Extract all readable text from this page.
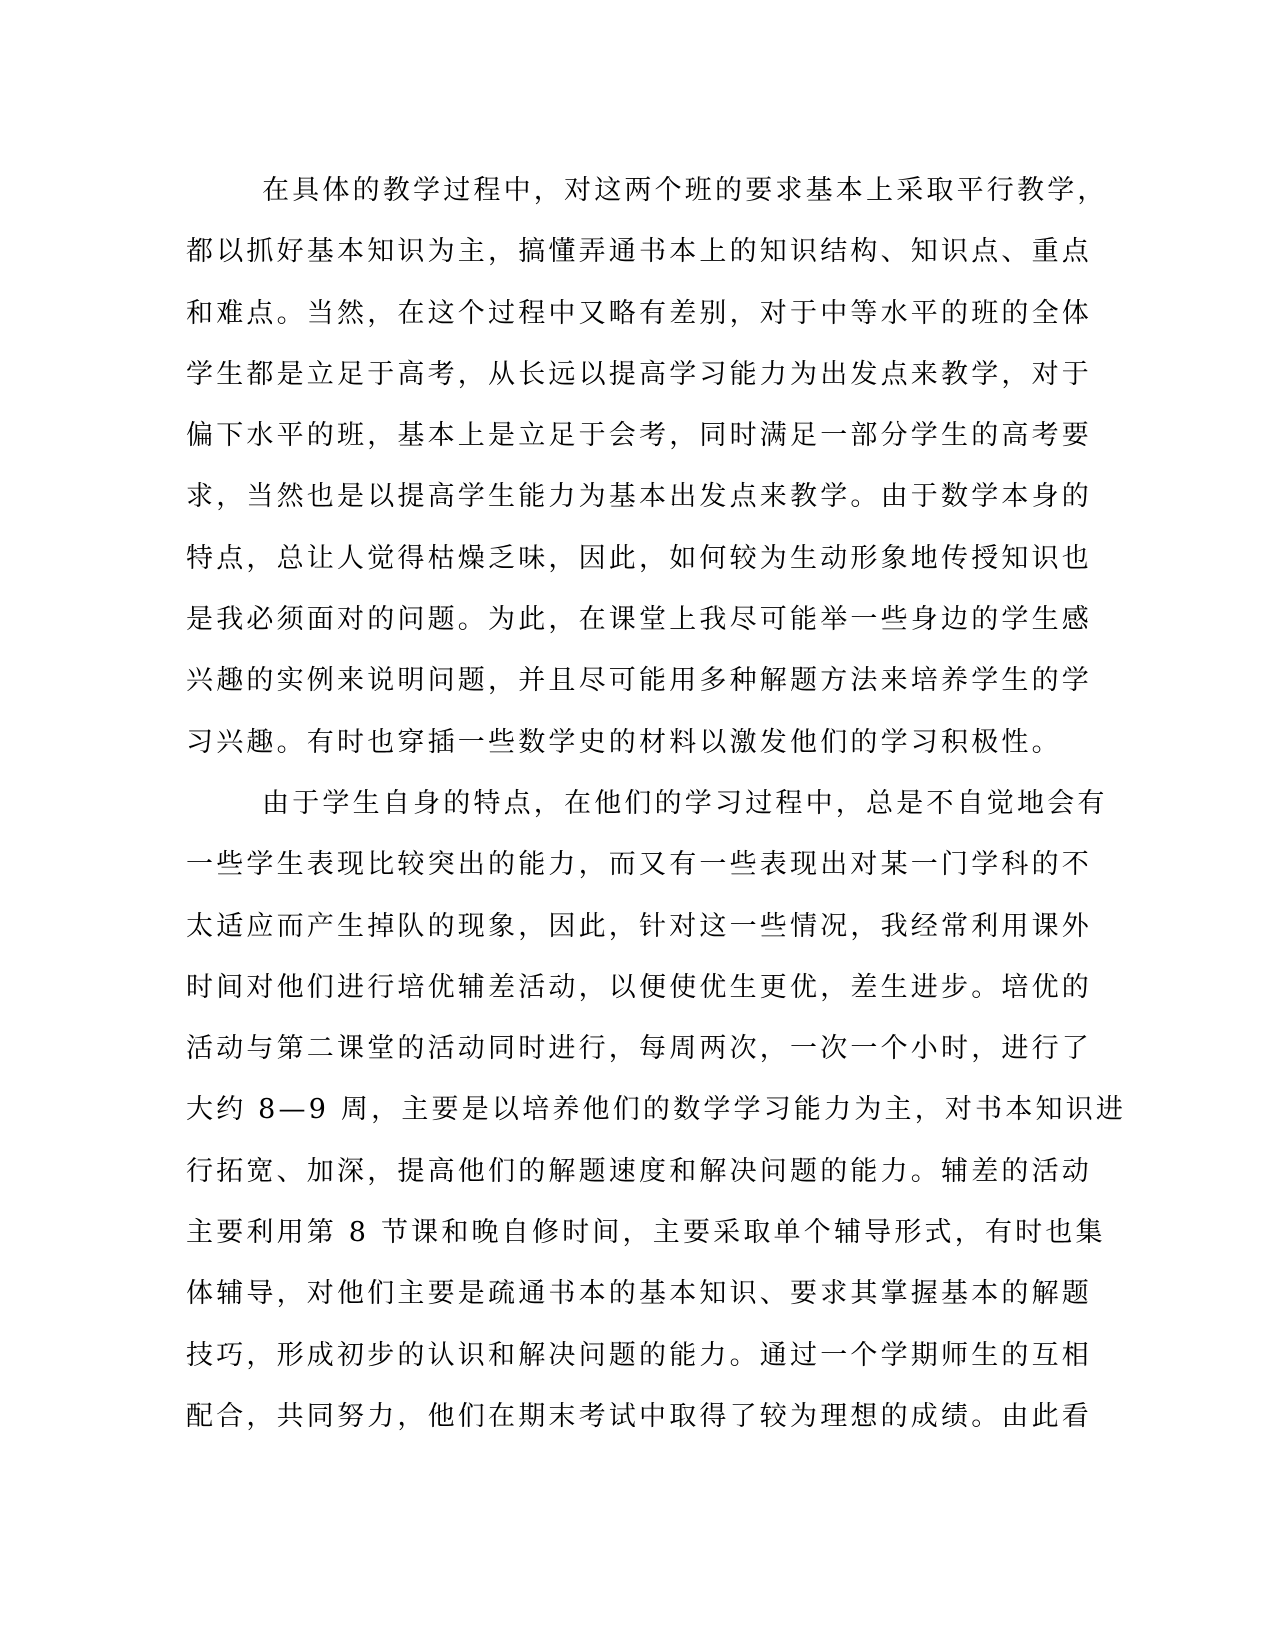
在具体的教学过程中，对这两个班的要求基本上采取平行教学，
都以抓好基本知识为主，搞懂弄通书本上的知识结构、知识点、重点
和难点。当然，在这个过程中又略有差别，对于中等水平的班的全体
学生都是立足于高考，从长远以提高学习能力为出发点来教学，对于
偏下水平的班，基本上是立足于会考，同时满足一部分学生的高考要
求，当然也是以提高学生能力为基本出发点来教学。由于数学本身的
特点，总让人觉得枯燥乏味，因此，如何较为生动形象地传授知识也
是我必须面对的问题。为此，在课堂上我尽可能举一些身边的学生感
兴趣的实例来说明问题，并且尽可能用多种解题方法来培养学生的学
习兴趣。有时也穿插一些数学史的材料以激发他们的学习积极性。
由于学生自身的特点，在他们的学习过程中，总是不自觉地会有
一些学生表现比较突出的能力，而又有一些表现出对某一门学科的不
太适应而产生掉队的现象，因此，针对这一些情况，我经常利用课外
时间对他们进行培优辅差活动，以便使优生更优，差生进步。培优的
活动与第二课堂的活动同时进行，每周两次，一次一个小时，进行了
大约 8—9 周，主要是以培养他们的数学学习能力为主，对书本知识进
行拓宽、加深，提高他们的解题速度和解决问题的能力。辅差的活动
主要利用第 8 节课和晚自修时间，主要采取单个辅导形式，有时也集
体辅导，对他们主要是疏通书本的基本知识、要求其掌握基本的解题
技巧，形成初步的认识和解决问题的能力。通过一个学期师生的互相
配合，共同努力，他们在期末考试中取得了较为理想的成绩。由此看
